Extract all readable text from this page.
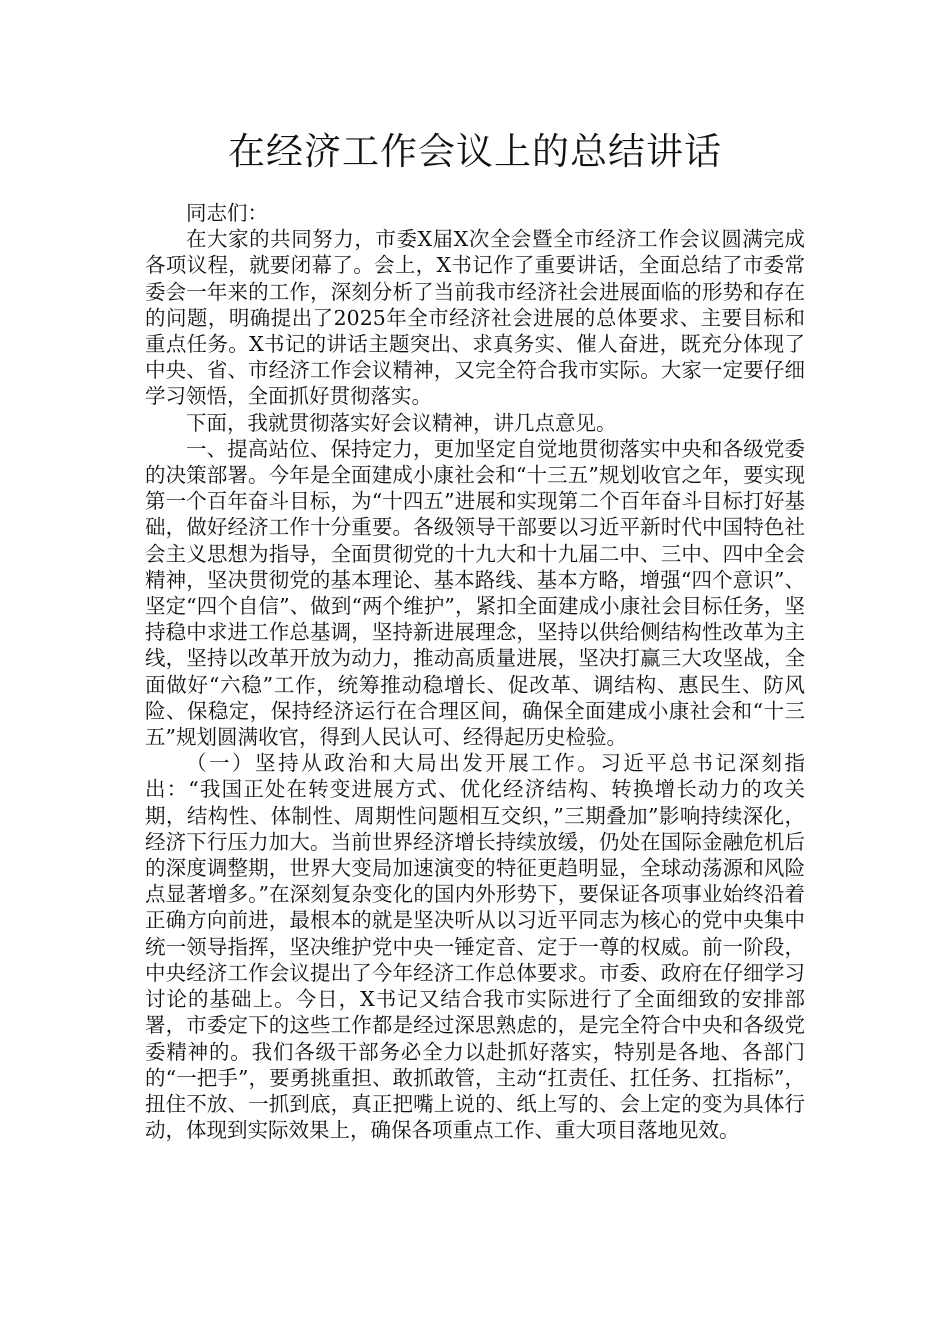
在经济工作会议上的总结讲话

同志们：

在大家的共同努力，市委X届X次全会暨全市经济工作会议圆满完成各项议程，就要闭幕了。会上，X书记作了重要讲话，全面总结了市委常委会一年来的工作，深刻分析了当前我市经济社会进展面临的形势和存在的问题，明确提出了2025年全市经济社会进展的总体要求、主要目标和重点任务。X书记的讲话主题突出、求真务实、催人奋进，既充分体现了中央、省、市经济工作会议精神，又完全符合我市实际。大家一定要仔细学习领悟，全面抓好贯彻落实。

下面，我就贯彻落实好会议精神，讲几点意见。

一、提高站位、保持定力，更加坚定自觉地贯彻落实中央和各级党委的决策部署。今年是全面建成小康社会和“十三五”规划收官之年，要实现第一个百年奋斗目标，为“十四五”进展和实现第二个百年奋斗目标打好基础，做好经济工作十分重要。各级领导干部要以习近平新时代中国特色社会主义思想为指导，全面贯彻党的十九大和十九届二中、三中、四中全会精神，坚决贯彻党的基本理论、基本路线、基本方略，增强“四个意识”、坚定“四个自信”、做到“两个维护”，紧扣全面建成小康社会目标任务，坚持稳中求进工作总基调，坚持新进展理念，坚持以供给侧结构性改革为主线，坚持以改革开放为动力，推动高质量进展，坚决打赢三大攻坚战，全面做好“六稳”工作，统筹推动稳增长、促改革、调结构、惠民生、防风险、保稳定，保持经济运行在合理区间，确保全面建成小康社会和“十三五”规划圆满收官，得到人民认可、经得起历史检验。

（一）坚持从政治和大局出发开展工作。习近平总书记深刻指出：“我国正处在转变进展方式、优化经济结构、转换增长动力的攻关期，结构性、体制性、周期性问题相互交织，”三期叠加”影响持续深化，经济下行压力加大。当前世界经济增长持续放缓，仍处在国际金融危机后的深度调整期，世界大变局加速演变的特征更趋明显，全球动荡源和风险点显著增多。”在深刻复杂变化的国内外形势下，要保证各项事业始终沿着正确方向前进，最根本的就是坚决听从以习近平同志为核心的党中央集中统一领导指挥，坚决维护党中央一锤定音、定于一尊的权威。前一阶段，中央经济工作会议提出了今年经济工作总体要求。市委、政府在仔细学习讨论的基础上。今日，X书记又结合我市实际进行了全面细致的安排部署，市委定下的这些工作都是经过深思熟虑的，是完全符合中央和各级党委精神的。我们各级干部务必全力以赴抓好落实，特别是各地、各部门的“一把手”，要勇挑重担、敢抓敢管，主动“扛责任、扛任务、扛指标”，扭住不放、一抓到底，真正把嘴上说的、纸上写的、会上定的变为具体行动，体现到实际效果上，确保各项重点工作、重大项目落地见效。
